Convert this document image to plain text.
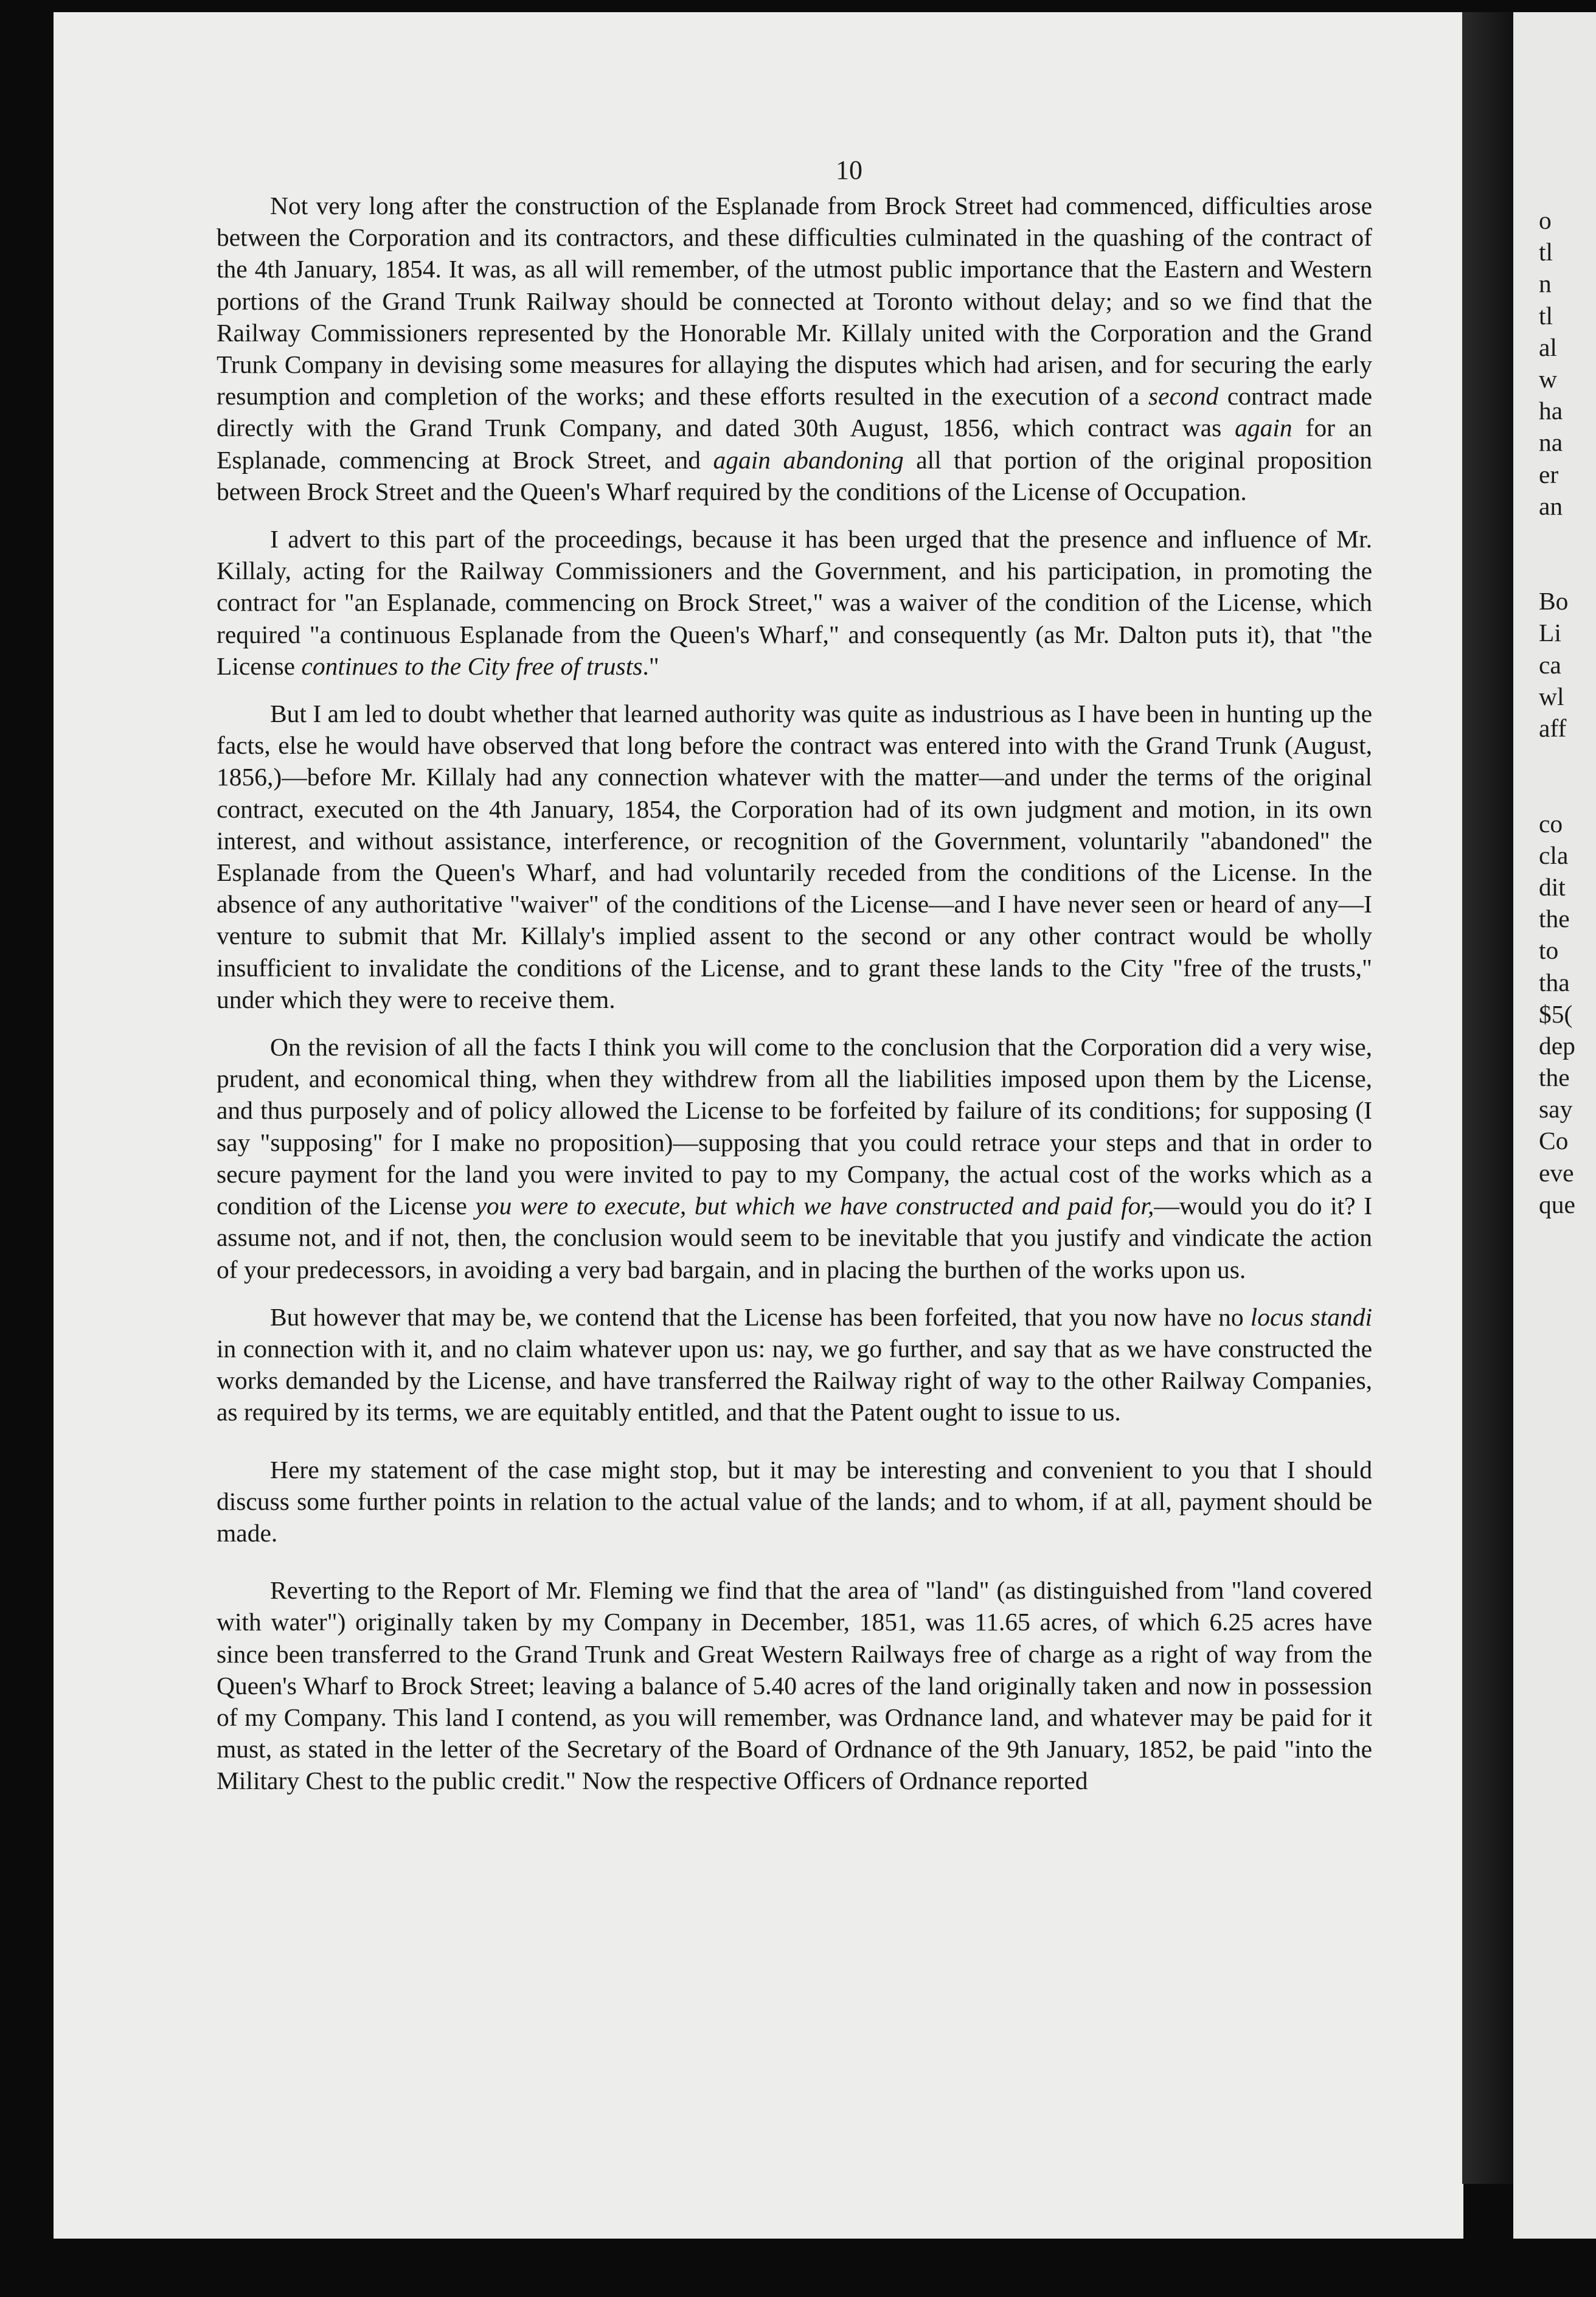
10

Not very long after the construction of the Esplanade from Brock Street had commenced, difficulties arose between the Corporation and its contractors, and these difficulties culminated in the quashing of the contract of the 4th January, 1854. It was, as all will remember, of the utmost public importance that the Eastern and Western portions of the Grand Trunk Railway should be connected at Toronto without delay; and so we find that the Railway Commissioners represented by the Honorable Mr. Killaly united with the Corporation and the Grand Trunk Company in devising some measures for allaying the disputes which had arisen, and for securing the early resumption and completion of the works; and these efforts resulted in the execution of a second contract made directly with the Grand Trunk Company, and dated 30th August, 1856, which contract was again for an Esplanade, commencing at Brock Street, and again abandoning all that portion of the original proposition between Brock Street and the Queen's Wharf required by the conditions of the License of Occupation.

I advert to this part of the proceedings, because it has been urged that the presence and influence of Mr. Killaly, acting for the Railway Commissioners and the Government, and his participation, in promoting the contract for "an Esplanade, commencing on Brock Street," was a waiver of the condition of the License, which required "a continuous Esplanade from the Queen's Wharf," and consequently (as Mr. Dalton puts it), that "the License continues to the City free of trusts."

But I am led to doubt whether that learned authority was quite as industrious as I have been in hunting up the facts, else he would have observed that long before the contract was entered into with the Grand Trunk (August, 1856,)—before Mr. Killaly had any connection whatever with the matter—and under the terms of the original contract, executed on the 4th January, 1854, the Corporation had of its own judgment and motion, in its own interest, and without assistance, interference, or recognition of the Government, voluntarily "abandoned" the Esplanade from the Queen's Wharf, and had voluntarily receded from the conditions of the License. In the absence of any authoritative "waiver" of the conditions of the License—and I have never seen or heard of any—I venture to submit that Mr. Killaly's implied assent to the second or any other contract would be wholly insufficient to invalidate the conditions of the License, and to grant these lands to the City "free of the trusts," under which they were to receive them.

On the revision of all the facts I think you will come to the conclusion that the Corporation did a very wise, prudent, and economical thing, when they withdrew from all the liabilities imposed upon them by the License, and thus purposely and of policy allowed the License to be forfeited by failure of its conditions; for supposing (I say "supposing" for I make no proposition)—supposing that you could retrace your steps and that in order to secure payment for the land you were invited to pay to my Company, the actual cost of the works which as a condition of the License you were to execute, but which we have constructed and paid for,—would you do it? I assume not, and if not, then, the conclusion would seem to be inevitable that you justify and vindicate the action of your predecessors, in avoiding a very bad bargain, and in placing the burthen of the works upon us.

But however that may be, we contend that the License has been forfeited, that you now have no locus standi in connection with it, and no claim whatever upon us: nay, we go further, and say that as we have constructed the works demanded by the License, and have transferred the Railway right of way to the other Railway Companies, as required by its terms, we are equitably entitled, and that the Patent ought to issue to us.

Here my statement of the case might stop, but it may be interesting and convenient to you that I should discuss some further points in relation to the actual value of the lands; and to whom, if at all, payment should be made.

Reverting to the Report of Mr. Fleming we find that the area of "land" (as distinguished from "land covered with water") originally taken by my Company in December, 1851, was 11.65 acres, of which 6.25 acres have since been transferred to the Grand Trunk and Great Western Railways free of charge as a right of way from the Queen's Wharf to Brock Street; leaving a balance of 5.40 acres of the land originally taken and now in possession of my Company. This land I contend, as you will remember, was Ordnance land, and whatever may be paid for it must, as stated in the letter of the Secretary of the Board of Ordnance of the 9th January, 1852, be paid "into the Military Chest to the public credit." Now the respective Officers of Ordnance reported

o
tl
n
tl
al
w
ha
na
er
an
Bo
Li
ca
wl
aff
co
cla
dit
the
to
tha
$5(
dep
the
say
Co
eve
que
